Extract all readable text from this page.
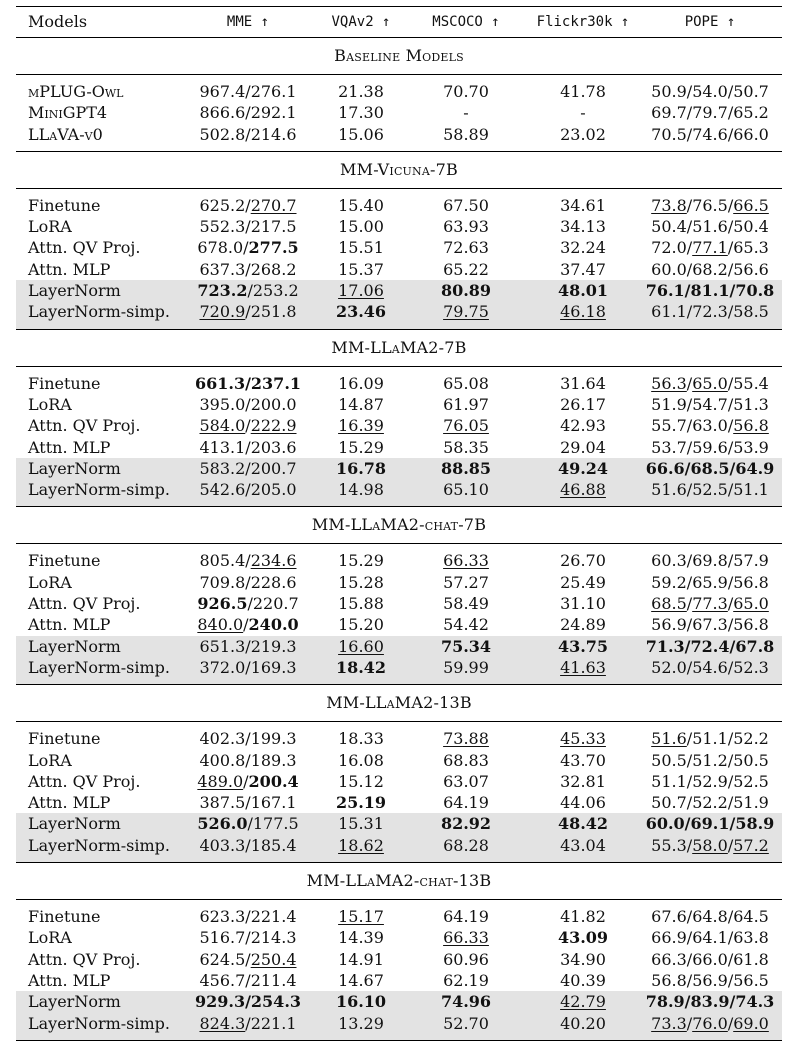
Models	MME ↑	VQAv2 ↑	MSCOCO ↑	Flickr30k ↑	POPE ↑
Baseline Models					
mPLUG-Owl	967.4/276.1	21.38	70.70	41.78	50.9/54.0/50.7
MiniGPT4	866.6/292.1	17.30	-	-	69.7/79.7/65.2
LLaVA-v0	502.8/214.6	15.06	58.89	23.02	70.5/74.6/66.0
MM-Vicuna-7B					
Finetune	625.2/270.7	15.40	67.50	34.61	73.8/76.5/66.5
LoRA	552.3/217.5	15.00	63.93	34.13	50.4/51.6/50.4
Attn. QV Proj.	678.0/277.5	15.51	72.63	32.24	72.0/77.1/65.3
Attn. MLP	637.3/268.2	15.37	65.22	37.47	60.0/68.2/56.6
LayerNorm	723.2/253.2	17.06	80.89	48.01	76.1/81.1/70.8
LayerNorm-simp.	720.9/251.8	23.46	79.75	46.18	61.1/72.3/58.5
MM-LLaMA2-7B					
Finetune	661.3/237.1	16.09	65.08	31.64	56.3/65.0/55.4
LoRA	395.0/200.0	14.87	61.97	26.17	51.9/54.7/51.3
Attn. QV Proj.	584.0/222.9	16.39	76.05	42.93	55.7/63.0/56.8
Attn. MLP	413.1/203.6	15.29	58.35	29.04	53.7/59.6/53.9
LayerNorm	583.2/200.7	16.78	88.85	49.24	66.6/68.5/64.9
LayerNorm-simp.	542.6/205.0	14.98	65.10	46.88	51.6/52.5/51.1
MM-LLaMA2-chat-7B					
Finetune	805.4/234.6	15.29	66.33	26.70	60.3/69.8/57.9
LoRA	709.8/228.6	15.28	57.27	25.49	59.2/65.9/56.8
Attn. QV Proj.	926.5/220.7	15.88	58.49	31.10	68.5/77.3/65.0
Attn. MLP	840.0/240.0	15.20	54.42	24.89	56.9/67.3/56.8
LayerNorm	651.3/219.3	16.60	75.34	43.75	71.3/72.4/67.8
LayerNorm-simp.	372.0/169.3	18.42	59.99	41.63	52.0/54.6/52.3
MM-LLaMA2-13B					
Finetune	402.3/199.3	18.33	73.88	45.33	51.6/51.1/52.2
LoRA	400.8/189.3	16.08	68.83	43.70	50.5/51.2/50.5
Attn. QV Proj.	489.0/200.4	15.12	63.07	32.81	51.1/52.9/52.5
Attn. MLP	387.5/167.1	25.19	64.19	44.06	50.7/52.2/51.9
LayerNorm	526.0/177.5	15.31	82.92	48.42	60.0/69.1/58.9
LayerNorm-simp.	403.3/185.4	18.62	68.28	43.04	55.3/58.0/57.2
MM-LLaMA2-chat-13B					
Finetune	623.3/221.4	15.17	64.19	41.82	67.6/64.8/64.5
LoRA	516.7/214.3	14.39	66.33	43.09	66.9/64.1/63.8
Attn. QV Proj.	624.5/250.4	14.91	60.96	34.90	66.3/66.0/61.8
Attn. MLP	456.7/211.4	14.67	62.19	40.39	56.8/56.9/56.5
LayerNorm	929.3/254.3	16.10	74.96	42.79	78.9/83.9/74.3
LayerNorm-simp.	824.3/221.1	13.29	52.70	40.20	73.3/76.0/69.0
